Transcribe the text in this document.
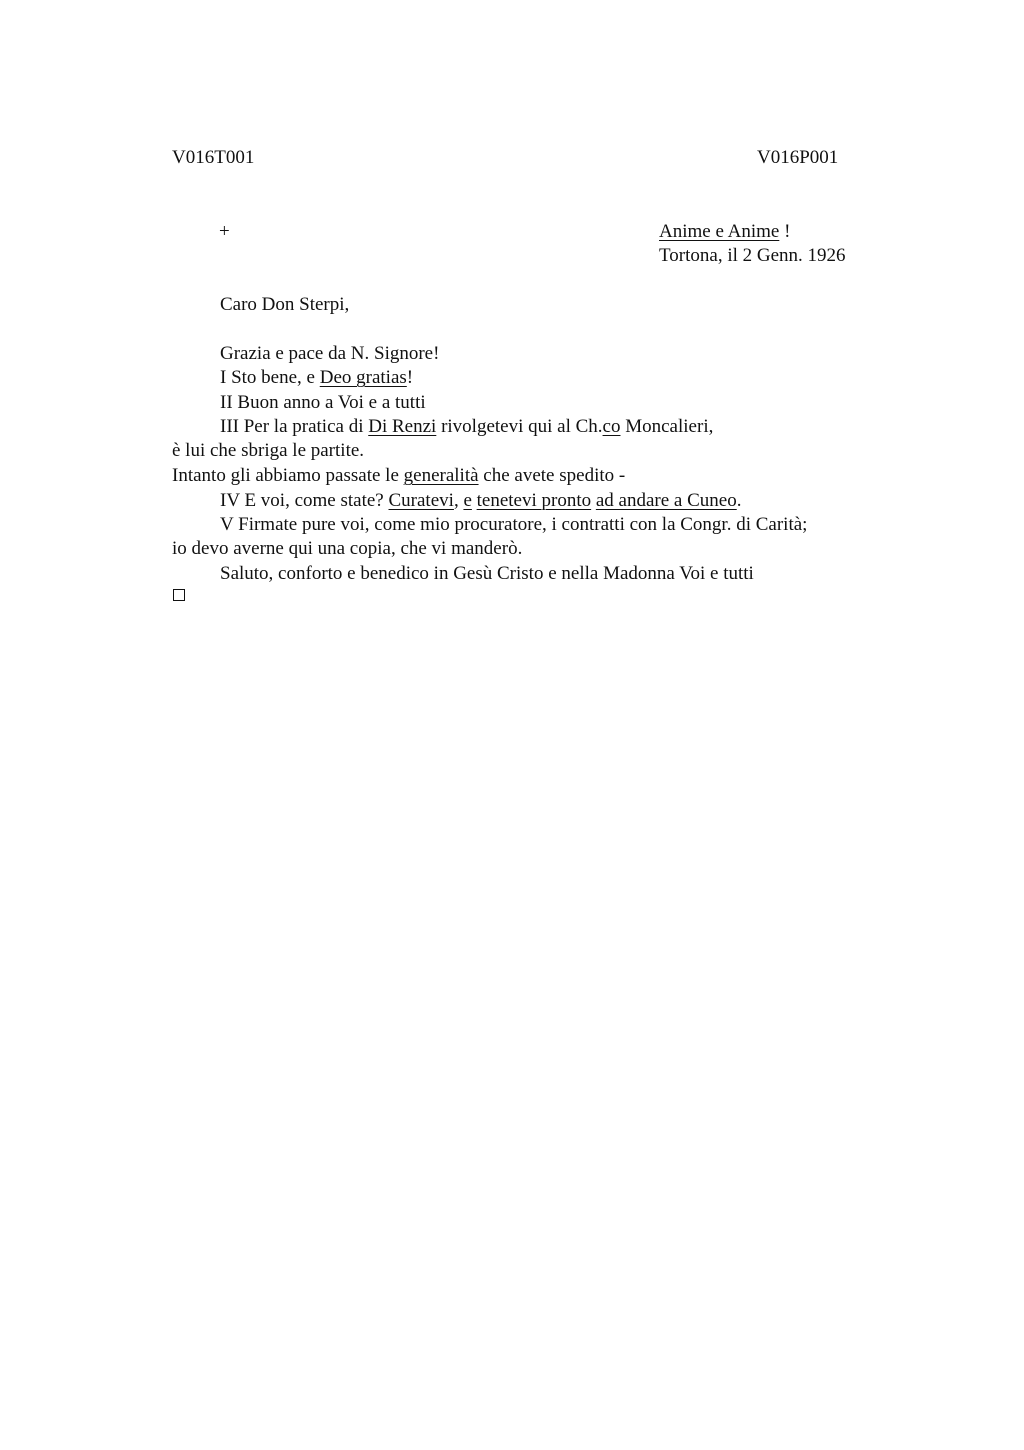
V016T001	V016P001
+	Anime e Anime !
Tortona, il 2 Genn. 1926
Caro Don Sterpi,
Grazia e pace da N. Signore!
I Sto bene, e Deo gratias!
II Buon anno a Voi e a tutti
III Per la pratica di Di Renzi rivolgetevi qui al Ch.co Moncalieri,
è lui che sbriga le partite.
Intanto gli abbiamo passate le generalità che avete spedito -
IV E voi, come state? Curatevi, e tenetevi pronto ad andare a Cuneo.
V Firmate pure voi, come mio procuratore, i contratti con la Congr. di Carità;
io devo averne qui una copia, che vi manderò.
Saluto, conforto e benedico in Gesù Cristo e nella Madonna Voi e tutti
